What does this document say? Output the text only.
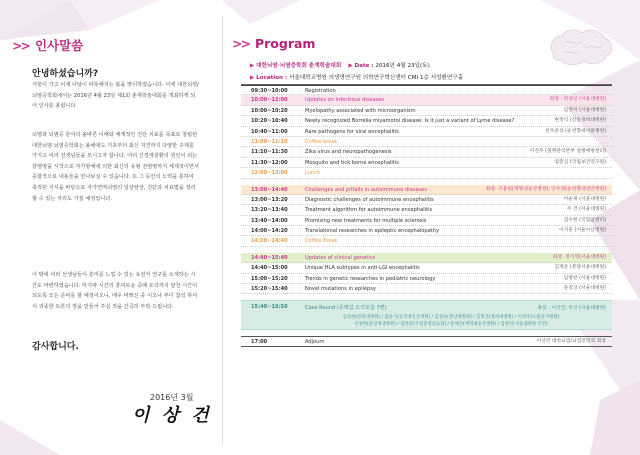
>> 인사말씀
안녕하셨습니까?
겨울이 가고 이제 나날이 따뜻해지는 봄을 맞이하였습니다. 이에 대한뇌염/뇌염증학회에서는 2016년 4월 23일 제1회 춘계학술대회를 개최하게 되어 인사를 올립니다.
뇌염과 뇌염증 분야의 올바른 이해와 체계적인 진단 치료를 목표로 창립된 대한뇌염·뇌염증학회는 올해에도 기초부터 최신 지견까지 다양한 주제를 가지고 여러 선생님들을 모시고자 합니다. 여러 신경계질환의 원인이 되는 감염병을 시작으로 자가항체에 의한 최신의 유형 전염병까지 체계적이면서 종합적으로 내용들을 만나보실 수 있습니다. 또 그 동안의 노력을 통하여 축적된 지식을 바탕으로 자가면역뇌염의 임상양상, 진단과 치료법을 정리할 수 있는 자리도 가질 예정입니다.
이 밖에 여러 선생님들이 흥미를 느낄 수 있는 유전자 연구를 소개하는 시간도 마련하였습니다. 마지막 시간의 흥미로운 증례 토의까지 알찬 시간이 되도록 모든 준비를 할 예정이오니, 매우 바쁘신 중 이오나 부디 참석 하셔서 귀중한 토론의 장을 만들어 주실 것을 간곡히 부탁 드립니다.
감사합니다.
2016년 3월
이 상 건
>> Program
▶ 대한뇌염·뇌염증학회 춘계학술대회 ▶ Date : 2016년 4월 23일(토)
▶ Location : 서울대학교병원 의생명연구원 의학연구혁신센터 CMI 1층 서성환연구홀
09:30~10:00	Registration
10:00~12:00	Updates on infectious diseases	좌장 : 박경일 (서울대병원)
10:00~10:20	Myelopathy associated with microorganism	임정미 (서울대병원)
10:20~10:40	Newly recognized Borrelia miyamotoi disease: Is it just a variant of Lyme disease?	변정익 (강동경희대병원)
10:40~11:00	Rare pathogens for viral encephalitis	선우준상 (순천향대서울병원)
11:00~11:10	Coffee break
11:10~11:30	Zika virus and neuropathogenesis	이건주 (질병관리본부 질병예방센터)
11:30~12:00	Mosquito and tick borne encephalitis	염춘심 (국립보건연구원)
12:00~13:00	Lunch
13:00~14:40	Challenges and pitfalls in autoimmune diseases	좌장: 조용원(계명대동산병원), 안우영(순천향대천안병원)
13:00~13:20	Diagnostic challenges of autoimmune encephalitis	이순재 (서울대병원)
13:20~13:40	Treatment algorithm for autoimmune encephalitis	주 건 (서울대병원)
13:40~14:00	Promising new treatments for multiple sclerosis	김수현 (국립암센터)
14:00~14:20	Translational researches in epileptic encephalopathy	이지훈 (서울아산병원)
14:20~14:40	Coffee Break
14:40~15:40	Updates of clinical genetics	좌장: 정기영(서울대병원)
14:40~15:00	Unique HLA subtypes in anti-LGI encephalitis	김재준 (분당서울대병원)
15:00~15:20	Trends in genetic researches in pediatric neurology	임병찬 (서울대병원)
15:20~15:40	Novel mutations in epilepsy	문정상 (서울대병원)
15:40~16:50	Case Round (증례집 토의포함 7편)	좌장 : 이상건, 주건 (서울대병원)
김성현(강원대병원) / 김윤기(동국대일산병원) / 김정숙(강남대병원) / 김형진(경희대병원) / 이정주(노원을지병원)
신창현(분당제생병원) / 김한준(국립중앙의료원) / 문예진(계명대동산병원) / 김원빈(서울대병원 인턴)
17:00	Adjourn	이상건 대한뇌염/뇌염증학회 회장
